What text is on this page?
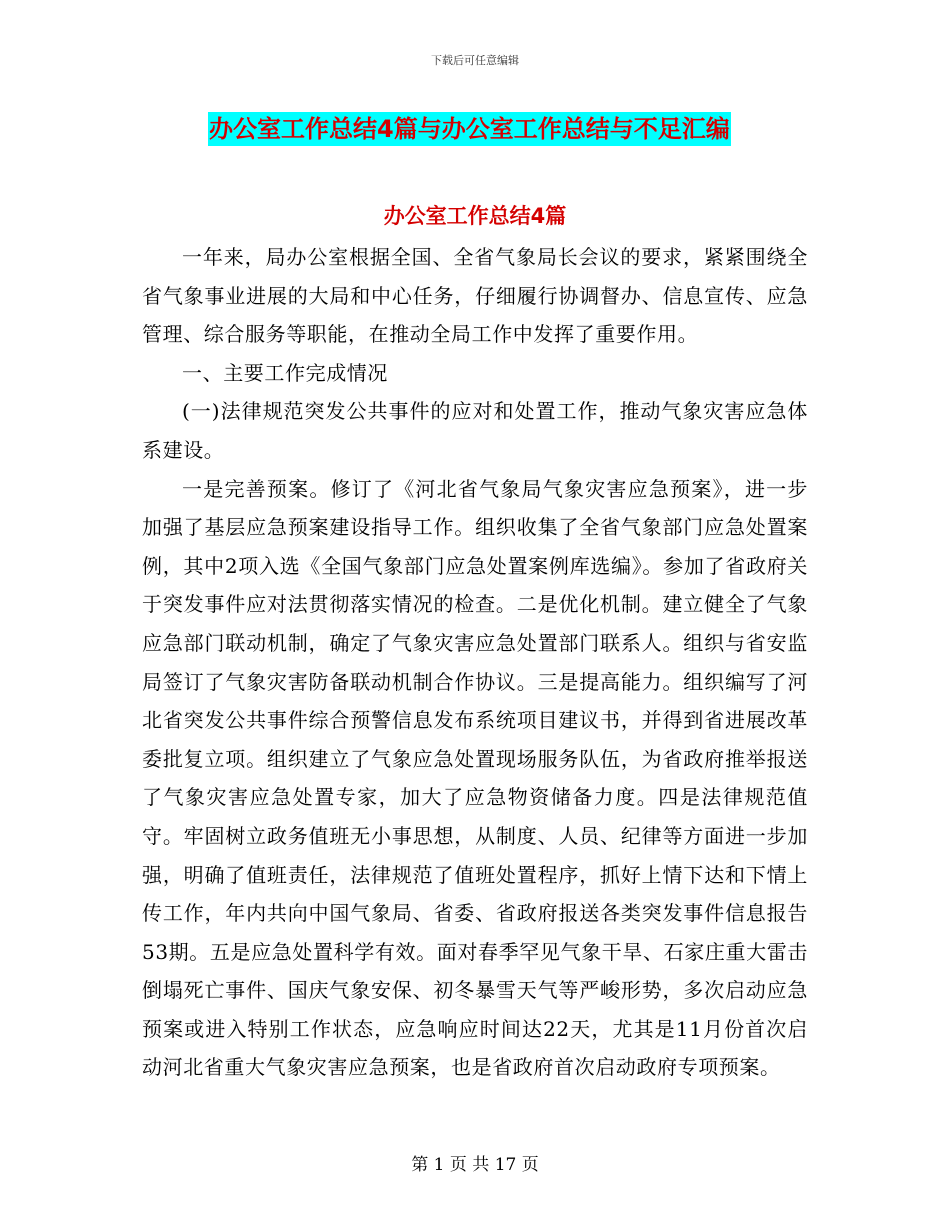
下载后可任意编辑
办公室工作总结4篇与办公室工作总结与不足汇编
办公室工作总结4篇

一年来，局办公室根据全国、全省气象局长会议的要求，紧紧围绕全省气象事业进展的大局和中心任务，仔细履行协调督办、信息宣传、应急管理、综合服务等职能，在推动全局工作中发挥了重要作用。

一、主要工作完成情况

(一)法律规范突发公共事件的应对和处置工作，推动气象灾害应急体系建设。

一是完善预案。修订了《河北省气象局气象灾害应急预案》，进一步加强了基层应急预案建设指导工作。组织收集了全省气象部门应急处置案例，其中2项入选《全国气象部门应急处置案例库选编》。参加了省政府关于突发事件应对法贯彻落实情况的检查。二是优化机制。建立健全了气象应急部门联动机制，确定了气象灾害应急处置部门联系人。组织与省安监局签订了气象灾害防备联动机制合作协议。三是提高能力。组织编写了河北省突发公共事件综合预警信息发布系统项目建议书，并得到省进展改革委批复立项。组织建立了气象应急处置现场服务队伍，为省政府推举报送了气象灾害应急处置专家，加大了应急物资储备力度。四是法律规范值守。牢固树立政务值班无小事思想，从制度、人员、纪律等方面进一步加强，明确了值班责任，法律规范了值班处置程序，抓好上情下达和下情上传工作，年内共向中国气象局、省委、省政府报送各类突发事件信息报告53期。五是应急处置科学有效。面对春季罕见气象干旱、石家庄重大雷击倒塌死亡事件、国庆气象安保、初冬暴雪天气等严峻形势，多次启动应急预案或进入特别工作状态，应急响应时间达22天，尤其是11月份首次启动河北省重大气象灾害应急预案，也是省政府首次启动政府专项预案。

第 1 页 共 17 页
